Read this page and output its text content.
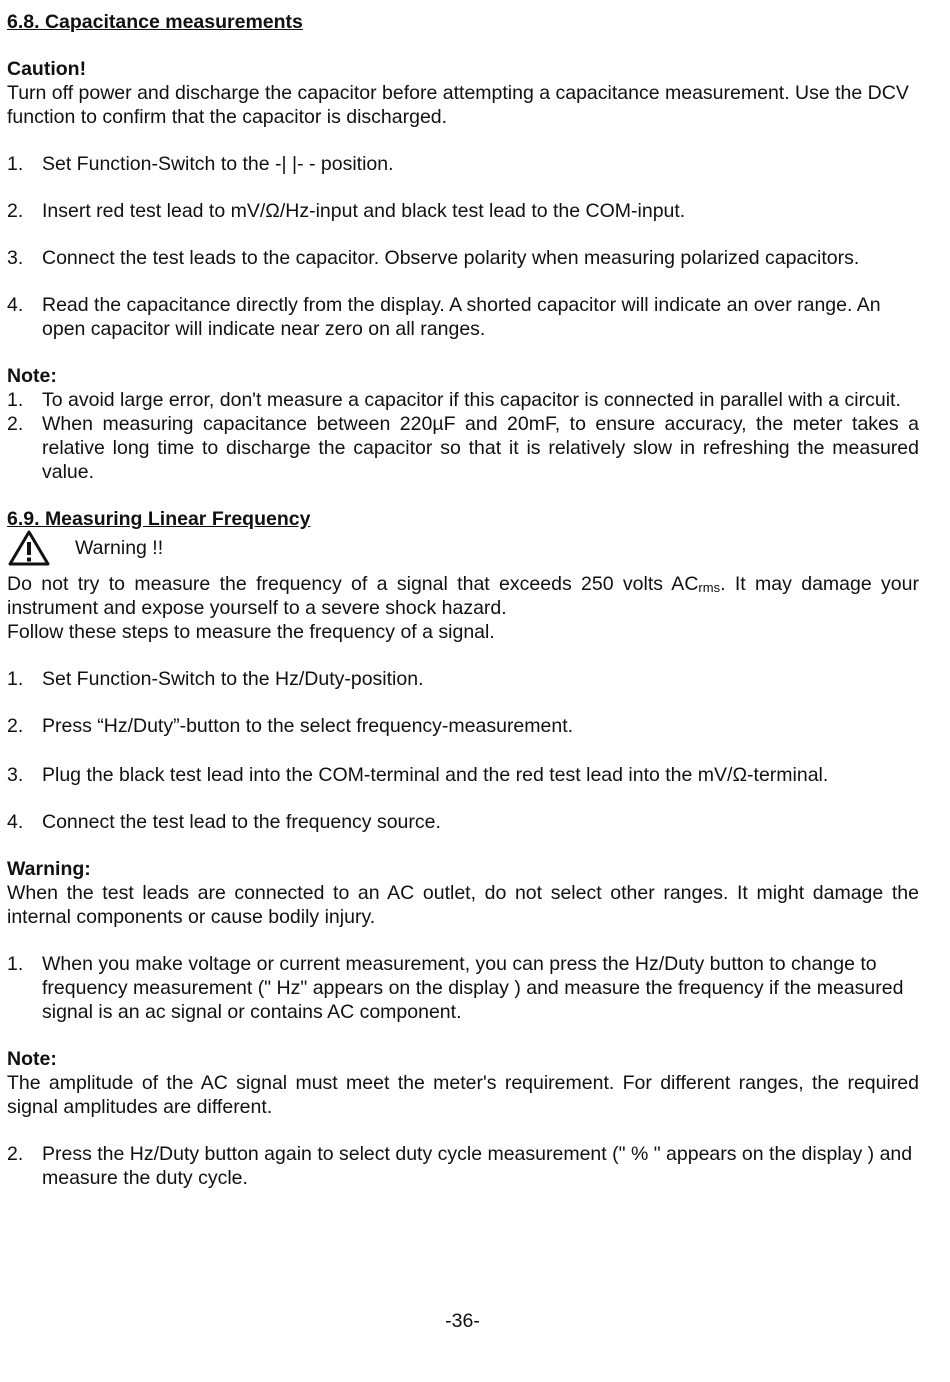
6.8. Capacitance measurements

Caution!

Turn off power and discharge the capacitor before attempting a capacitance measurement. Use the DCV function to confirm that the capacitor is discharged.

1. Set Function-Switch to the -| |- - position.
2. Insert red test lead to mV/Ω/Hz-input and black test lead to the COM-input.
3. Connect the test leads to the capacitor. Observe polarity when measuring polarized capacitors.
4. Read the capacitance directly from the display. A shorted capacitor will indicate an over range. An open capacitor will indicate near zero on all ranges.

Note:

1. To avoid large error, don't measure a capacitor if this capacitor is connected in parallel with a circuit.
2. When measuring capacitance between 220µF and 20mF, to ensure accuracy, the meter takes a relative long time to discharge the capacitor so that it is relatively slow in refreshing the measured value.

6.9. Measuring Linear Frequency

Warning !!

Do not try to measure the frequency of a signal that exceeds 250 volts $AC_{rms}$. It may damage your instrument and expose yourself to a severe shock hazard.

Follow these steps to measure the frequency of a signal.

1. Set Function-Switch to the Hz/Duty-position.
2. Press “Hz/Duty”-button to the select frequency-measurement.
3. Plug the black test lead into the COM-terminal and the red test lead into the mV/Ω-terminal.
4. Connect the test lead to the frequency source.

Warning:

When the test leads are connected to an AC outlet, do not select other ranges. It might damage the internal components or cause bodily injury.

1. When you make voltage or current measurement, you can press the Hz/Duty button to change to frequency measurement (" Hz" appears on the display ) and measure the frequency if the measured signal is an ac signal or contains AC component.

Note:

The amplitude of the AC signal must meet the meter's requirement. For different ranges, the required signal amplitudes are different.

2. Press the Hz/Duty button again to select duty cycle measurement (" % " appears on the display ) and measure the duty cycle.
-36-
